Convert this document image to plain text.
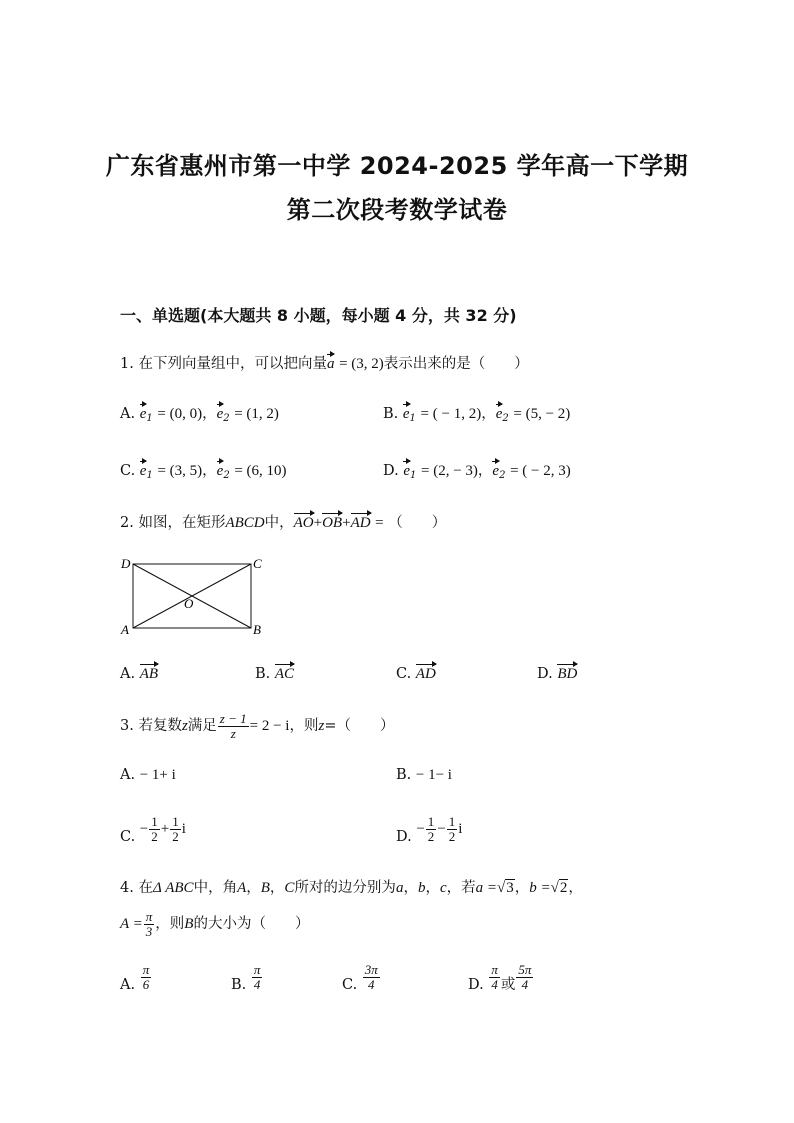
广东省惠州市第一中学 2024-2025 学年高一下学期
第二次段考数学试卷
一、单选题(本大题共 8 小题，每小题 4 分，共 32 分)
1. 在下列向量组中，可以把向量a = (3, 2)表示出来的是（　　）
A. $e_1 = (0$, 0)，$e_2 = (1$, 2)	B. $e_1$ = ( − 1, 2)，$e_2 = (5$, − 2)
C. $e_1 = (3$, 5)，$e_2 = (6$, 10)	D. $e_1 = (2$, − 3)，$e_2$ = ( − 2, 3)
2. 如图，在矩形ABCD中，AO+OB+AD = （　　）
D	C
A	B
O
A. AB	B. AC	C. AD	D. BD
3. 若复数z满足 $\frac{z - 1}{z} = 2 - i$，则z=（　　）
A. − 1+ i	B. − 1− i
C. − $\frac{1}{2} + \frac{1}{2}$ i	D. − $\frac{1}{2} - \frac{1}{2}$ i
4. 在Δ ABC中，角A，B，C所对的边分别为a，b，c，若a =√3，b =√2，
$A = \frac{\pi}{3}$ ，则B的大小为（　　）
A. $\frac{\pi}{6}$	B. $\frac{\pi}{4}$	C. $\frac{3\pi}{4}$	D. $\frac{\pi}{4}$ 或 $\frac{5\pi}{4}$
